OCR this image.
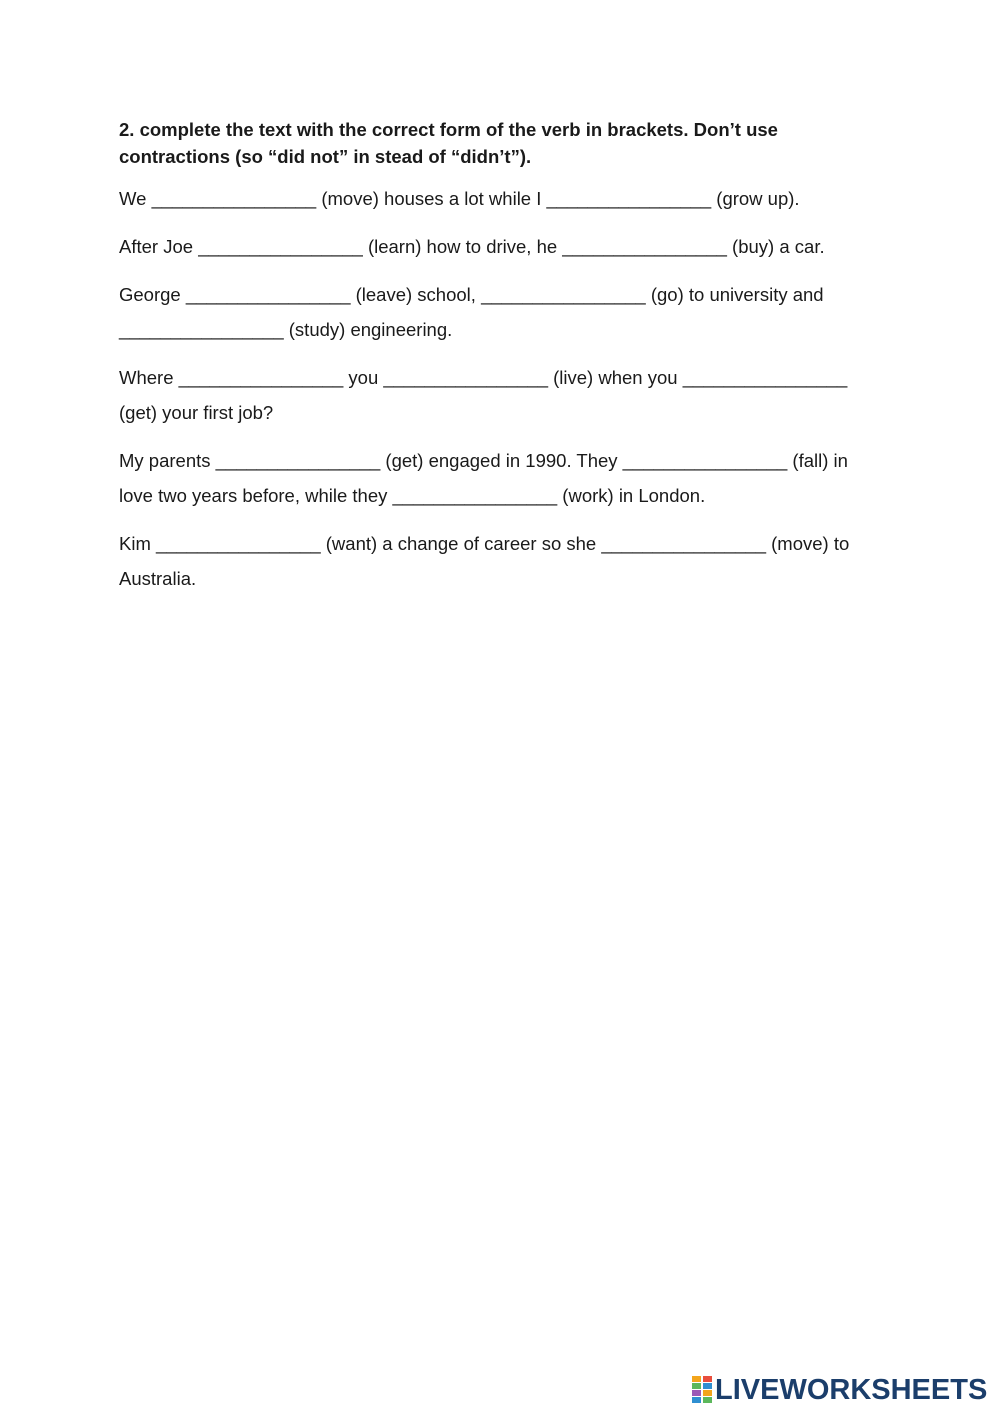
2. complete the text with the correct form of the verb in brackets. Don’t use contractions (so “did not” in stead of “didn’t”).

We ________________ (move) houses a lot while I ________________ (grow up).

After Joe ________________ (learn) how to drive, he ________________ (buy) a car.

George ________________ (leave) school, ________________ (go) to university and ________________ (study) engineering.

Where ________________ you ________________ (live) when you ________________ (get) your first job?

My parents ________________ (get) engaged in 1990. They ________________ (fall) in love two years before, while they ________________ (work) in London.

Kim ________________ (want) a change of career so she ________________ (move) to Australia.

LIVEWORKSHEETS
